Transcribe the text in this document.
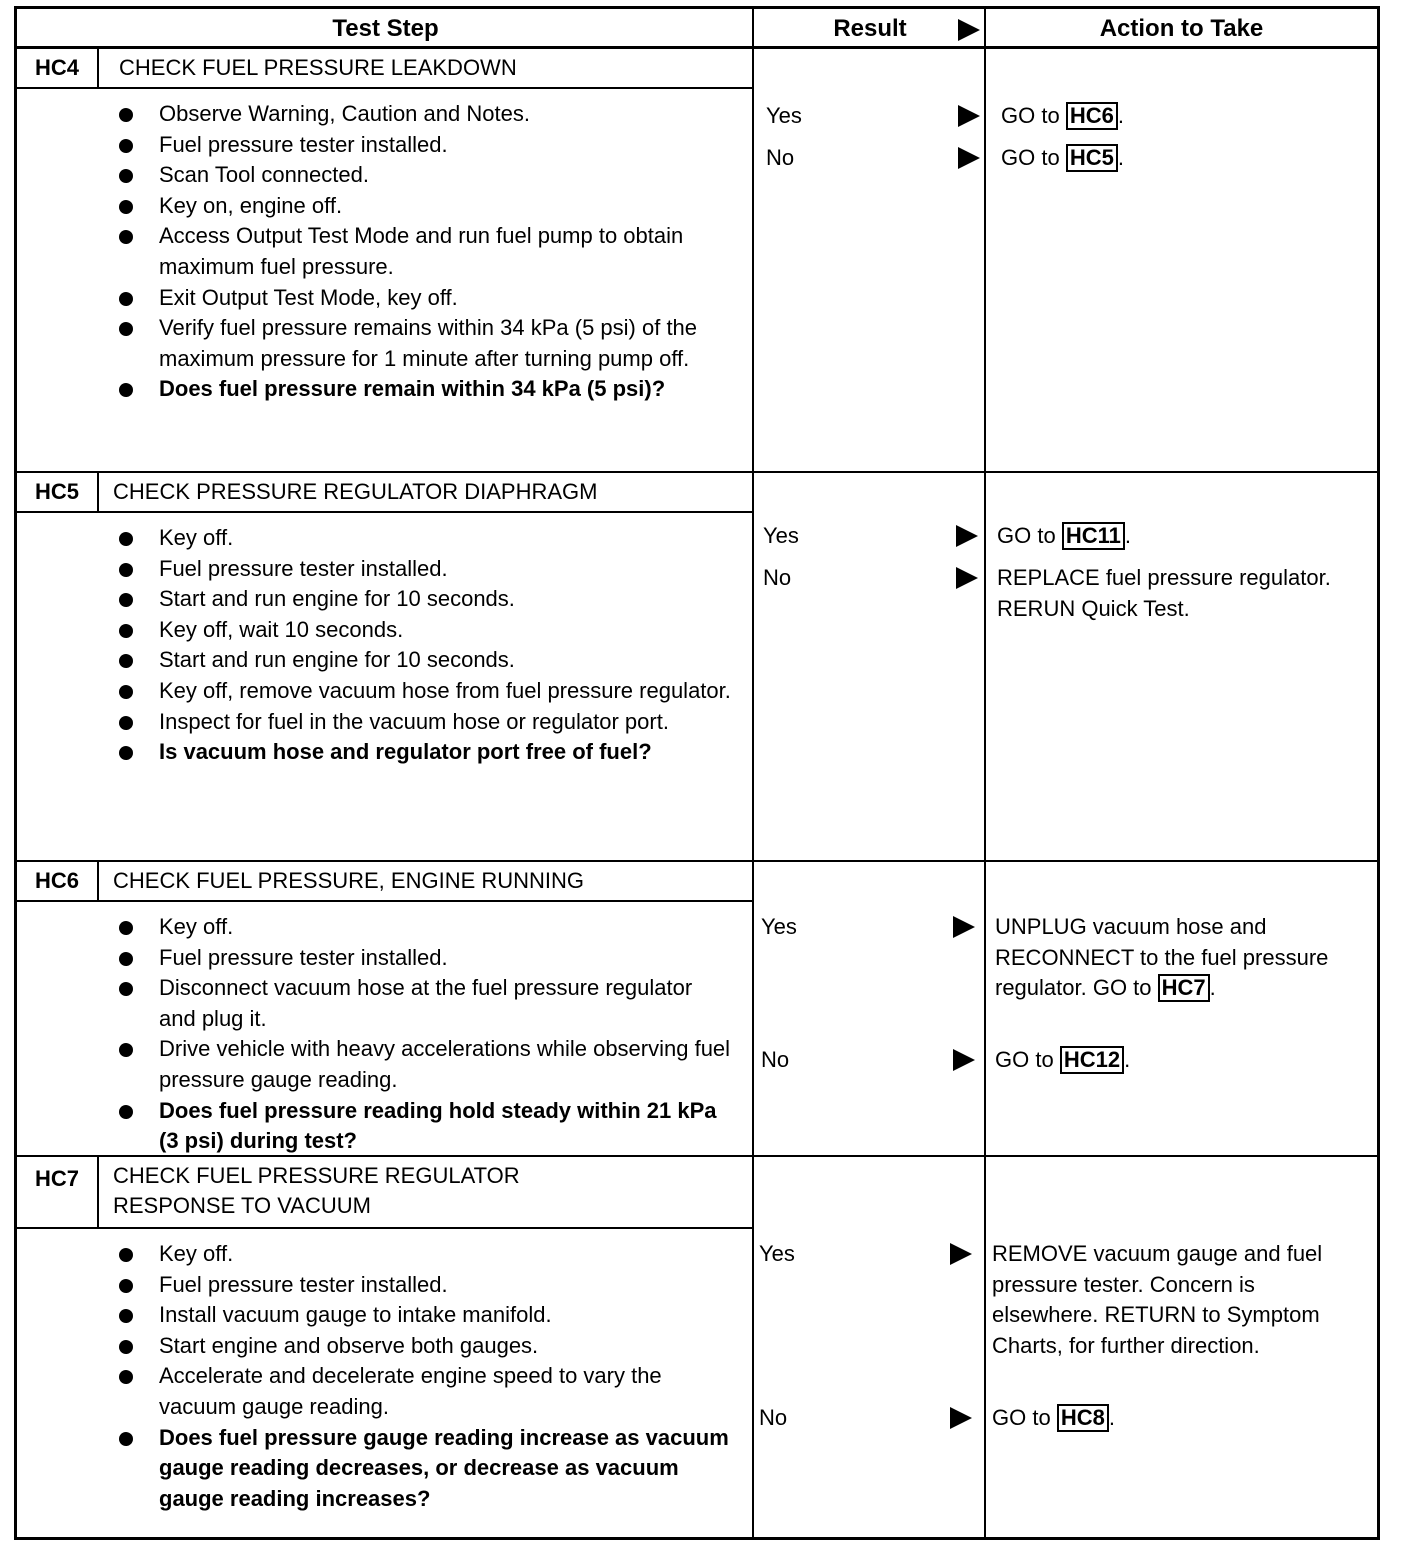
Test Step	Result	Action to Take
HC4	CHECK FUEL PRESSURE LEAKDOWN
Observe Warning, Caution and Notes.
Fuel pressure tester installed.
Scan Tool connected.
Key on, engine off.
Access Output Test Mode and run fuel pump to obtain maximum fuel pressure.
Exit Output Test Mode, key off.
Verify fuel pressure remains within 34 kPa (5 psi) of the maximum pressure for 1 minute after turning pump off.
Does fuel pressure remain within 34 kPa (5 psi)?
Yes	GO to HC6 .
No	GO to HC5 .
HC5	CHECK PRESSURE REGULATOR DIAPHRAGM
Key off.
Fuel pressure tester installed.
Start and run engine for 10 seconds.
Key off, wait 10 seconds.
Start and run engine for 10 seconds.
Key off, remove vacuum hose from fuel pressure regulator.
Inspect for fuel in the vacuum hose or regulator port.
Is vacuum hose and regulator port free of fuel?
Yes	GO to HC11 .
No	REPLACE fuel pressure regulator. RERUN Quick Test.
HC6	CHECK FUEL PRESSURE, ENGINE RUNNING
Key off.
Fuel pressure tester installed.
Disconnect vacuum hose at the fuel pressure regulator and plug it.
Drive vehicle with heavy accelerations while observing fuel pressure gauge reading.
Does fuel pressure reading hold steady within 21 kPa (3 psi) during test?
Yes	UNPLUG vacuum hose and RECONNECT to the fuel pressure regulator. GO to HC7 .
No	GO to HC12 .
HC7	CHECK FUEL PRESSURE REGULATOR
RESPONSE TO VACUUM
Key off.
Fuel pressure tester installed.
Install vacuum gauge to intake manifold.
Start engine and observe both gauges.
Accelerate and decelerate engine speed to vary the vacuum gauge reading.
Does fuel pressure gauge reading increase as vacuum gauge reading decreases, or decrease as vacuum gauge reading increases?
Yes	REMOVE vacuum gauge and fuel pressure tester. Concern is elsewhere. RETURN to Symptom Charts, for further direction.
No	GO to HC8 .
